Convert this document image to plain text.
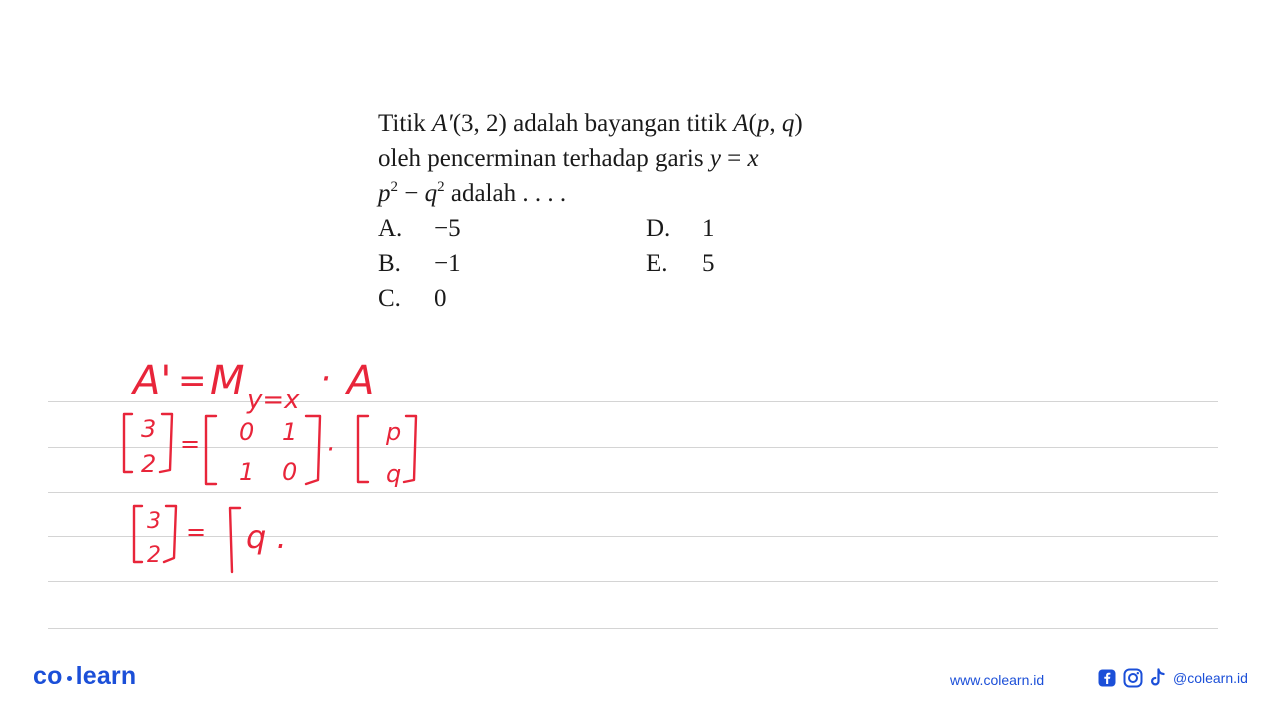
Titik A′(3, 2) adalah bayangan titik A(p, q)
oleh pencerminan terhadap garis y = x
$p^2 - q^2$ adalah . . . .
A. −5
B. −1
C. 0
D. 1
E. 5
A' = M y=x
· A
3
2
= 0 1
1 0
·
p
q
3
2
= q .
co learn	www.colearn.id	@colearn.id
